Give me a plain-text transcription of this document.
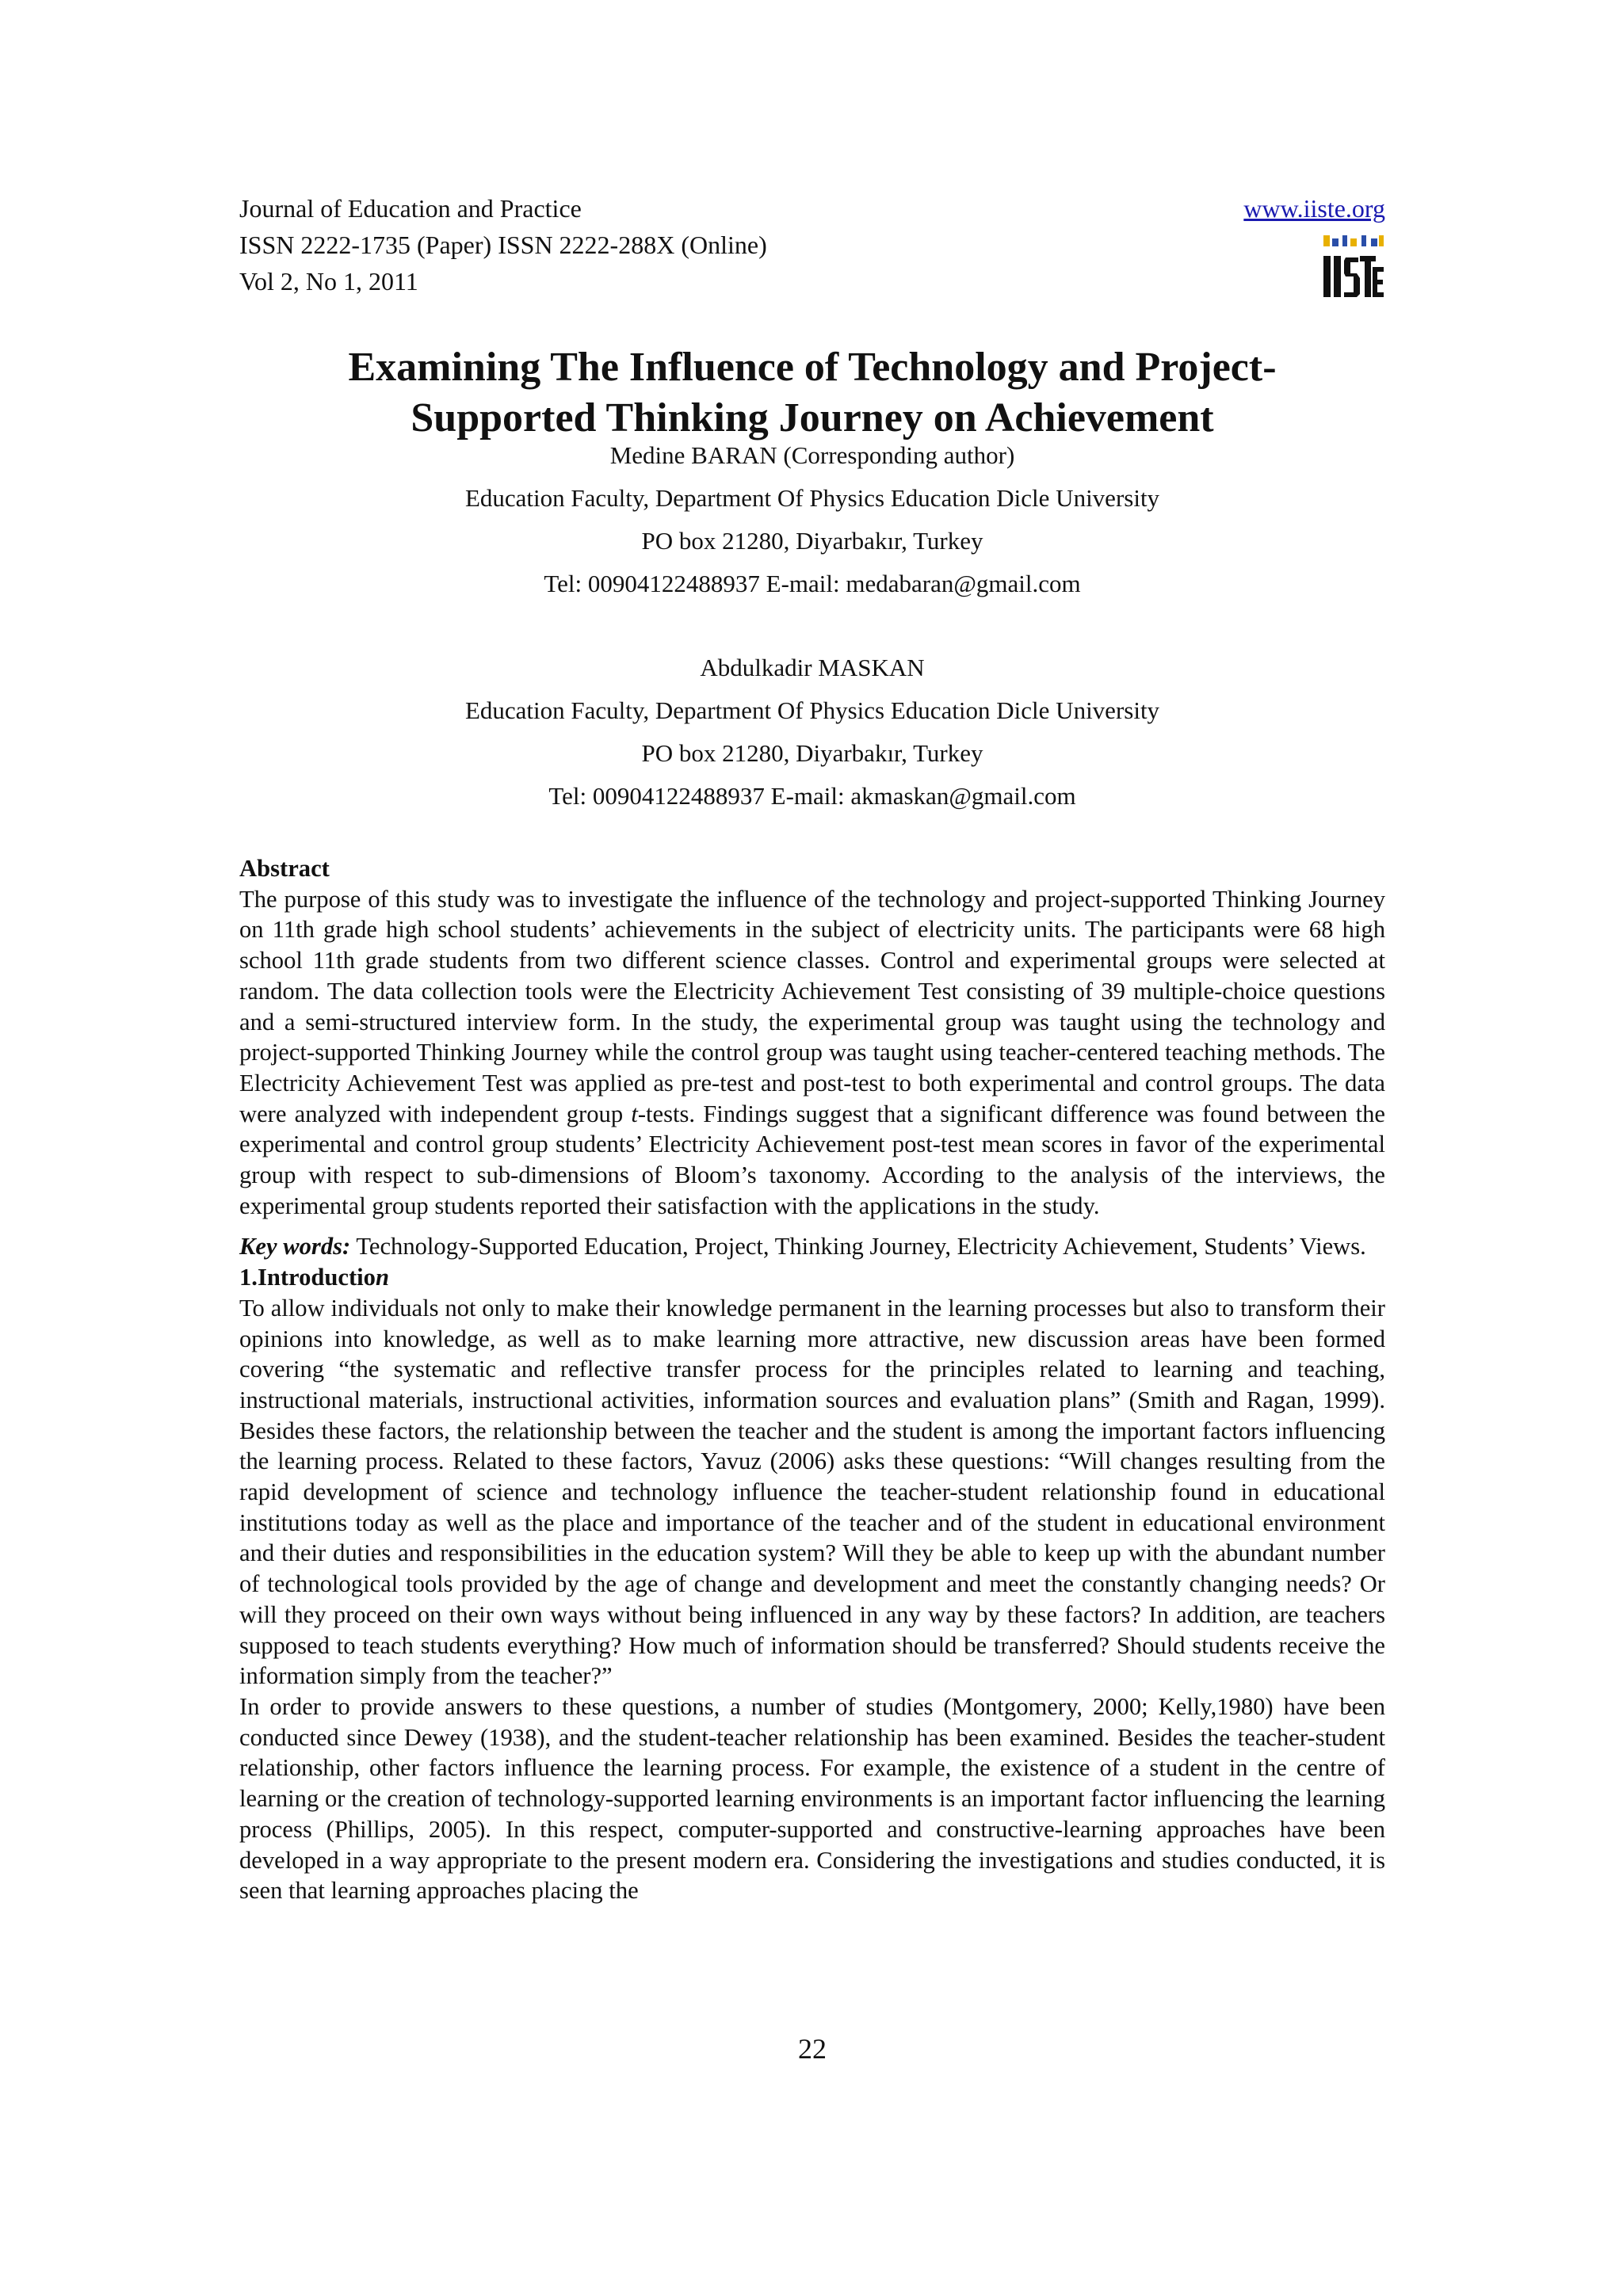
Journal of Education and Practice
ISSN 2222-1735 (Paper) ISSN 2222-288X (Online)
Vol 2, No 1, 2011
www.iiste.org
Examining The Influence of Technology and Project-
Supported Thinking Journey on Achievement
Medine BARAN (Corresponding author)
Education Faculty, Department Of Physics Education Dicle University
PO box 21280, Diyarbakır, Turkey
Tel: 00904122488937 E-mail: medabaran@gmail.com
Abdulkadir MASKAN
Education Faculty, Department Of Physics Education Dicle University
PO box 21280, Diyarbakır, Turkey
Tel: 00904122488937 E-mail: akmaskan@gmail.com

Abstract

The purpose of this study was to investigate the influence of the technology and project-supported Thinking Journey on 11th grade high school students’ achievements in the subject of electricity units. The participants were 68 high school 11th grade students from two different science classes. Control and experimental groups were selected at random. The data collection tools were the Electricity Achievement Test consisting of 39 multiple-choice questions and a semi-structured interview form. In the study, the experimental group was taught using the technology and project-supported Thinking Journey while the control group was taught using teacher-centered teaching methods. The Electricity Achievement Test was applied as pre-test and post-test to both experimental and control groups. The data were analyzed with independent group t-tests. Findings suggest that a significant difference was found between the experimental and control group students’ Electricity Achievement post-test mean scores in favor of the experimental group with respect to sub-dimensions of Bloom’s taxonomy. According to the analysis of the interviews, the experimental group students reported their satisfaction with the applications in the study.

Key words: Technology-Supported Education, Project, Thinking Journey, Electricity Achievement, Students’ Views.

1.Introduction

To allow individuals not only to make their knowledge permanent in the learning processes but also to transform their opinions into knowledge, as well as to make learning more attractive, new discussion areas have been formed covering “the systematic and reflective transfer process for the principles related to learning and teaching, instructional materials, instructional activities, information sources and evaluation plans” (Smith and Ragan, 1999). Besides these factors, the relationship between the teacher and the student is among the important factors influencing the learning process. Related to these factors, Yavuz (2006) asks these questions: “Will changes resulting from the rapid development of science and technology influence the teacher-student relationship found in educational institutions today as well as the place and importance of the teacher and of the student in educational environment and their duties and responsibilities in the education system? Will they be able to keep up with the abundant number of technological tools provided by the age of change and development and meet the constantly changing needs? Or will they proceed on their own ways without being influenced in any way by these factors? In addition, are teachers supposed to teach students everything? How much of information should be transferred? Should students receive the information simply from the teacher?”

In order to provide answers to these questions, a number of studies (Montgomery, 2000; Kelly,1980) have been conducted since Dewey (1938), and the student-teacher relationship has been examined. Besides the teacher-student relationship, other factors influence the learning process. For example, the existence of a student in the centre of learning or the creation of technology-supported learning environments is an important factor influencing the learning process (Phillips, 2005). In this respect, computer-supported and constructive-learning approaches have been developed in a way appropriate to the present modern era. Considering the investigations and studies conducted, it is seen that learning approaches placing the

22
